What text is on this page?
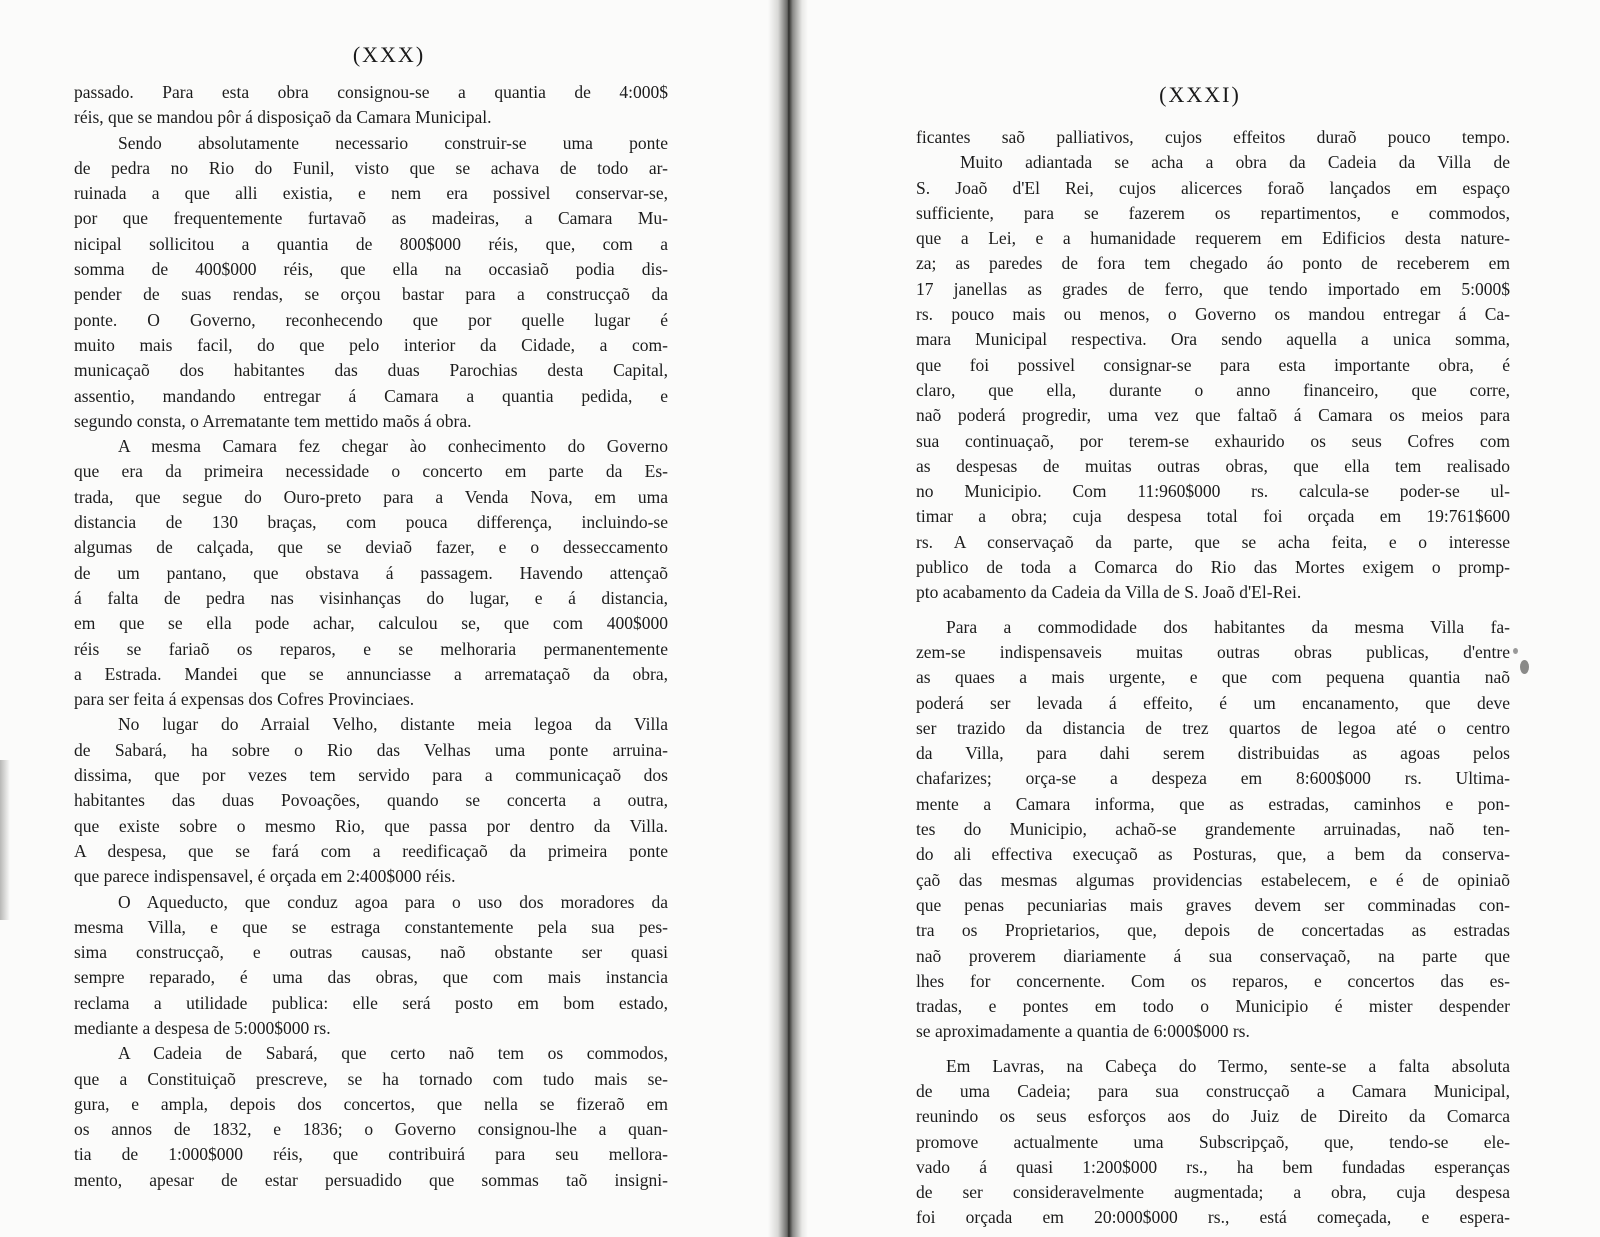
(XXX)
(XXXI)
passado. Para esta obra consignou-se a quantia de 4:000$
réis, que se mandou pôr á disposiçaõ da Camara Municipal.
Sendo absolutamente necessario construir-se uma ponte
de pedra no Rio do Funil, visto que se achava de todo ar-
ruinada a que alli existia, e nem era possivel conservar-se,
por que frequentemente furtavaõ as madeiras, a Camara Mu-
nicipal sollicitou a quantia de 800$000 réis, que, com a
somma de 400$000 réis, que ella na occasiaõ podia dis-
pender de suas rendas, se orçou bastar para a construcçaõ da
ponte. O Governo, reconhecendo que por quelle lugar é
muito mais facil, do que pelo interior da Cidade, a com-
municaçaõ dos habitantes das duas Parochias desta Capital,
assentio, mandando entregar á Camara a quantia pedida, e
segundo consta, o Arrematante tem mettido maõs á obra.
A mesma Camara fez chegar ào conhecimento do Governo
que era da primeira necessidade o concerto em parte da Es-
trada, que segue do Ouro-preto para a Venda Nova, em uma
distancia de 130 braças, com pouca differença, incluindo-se
algumas de calçada, que se deviaõ fazer, e o desseccamento
de um pantano, que obstava á passagem. Havendo attençaõ
á falta de pedra nas visinhanças do lugar, e á distancia,
em que se ella pode achar, calculou se, que com 400$000
réis se fariaõ os reparos, e se melhoraria permanentemente
a Estrada. Mandei que se annunciasse a arremataçaõ da obra,
para ser feita á expensas dos Cofres Provinciaes.
No lugar do Arraial Velho, distante meia legoa da Villa
de Sabará, ha sobre o Rio das Velhas uma ponte arruina-
dissima, que por vezes tem servido para a communicaçaõ dos
habitantes das duas Povoações, quando se concerta a outra,
que existe sobre o mesmo Rio, que passa por dentro da Villa.
A despesa, que se fará com a reedificaçaõ da primeira ponte
que parece indispensavel, é orçada em 2:400$000 réis.
O Aqueducto, que conduz agoa para o uso dos moradores da
mesma Villa, e que se estraga constantemente pela sua pes-
sima construcçaõ, e outras causas, naõ obstante ser quasi
sempre reparado, é uma das obras, que com mais instancia
reclama a utilidade publica: elle será posto em bom estado,
mediante a despesa de 5:000$000 rs.
A Cadeia de Sabará, que certo naõ tem os commodos,
que a Constituiçaõ prescreve, se ha tornado com tudo mais se-
gura, e ampla, depois dos concertos, que nella se fizeraõ em
os annos de 1832, e 1836; o Governo consignou-lhe a quan-
tia de 1:000$000 réis, que contribuirá para seu mellora-
mento, apesar de estar persuadido que sommas taõ insigni-
ficantes saõ palliativos, cujos effeitos duraõ pouco tempo.
Muito adiantada se acha a obra da Cadeia da Villa de
S. Joaõ d'El Rei, cujos alicerces foraõ lançados em espaço
sufficiente, para se fazerem os repartimentos, e commodos,
que a Lei, e a humanidade requerem em Edificios desta nature-
za; as paredes de fora tem chegado áo ponto de receberem em
17 janellas as grades de ferro, que tendo importado em 5:000$
rs. pouco mais ou menos, o Governo os mandou entregar á Ca-
mara Municipal respectiva. Ora sendo aquella a unica somma,
que foi possivel consignar-se para esta importante obra, é
claro, que ella, durante o anno financeiro, que corre,
naõ poderá progredir, uma vez que faltaõ á Camara os meios para
sua continuaçaõ, por terem-se exhaurido os seus Cofres com
as despesas de muitas outras obras, que ella tem realisado
no Municipio. Com 11:960$000 rs. calcula-se poder-se ul-
timar a obra; cuja despesa total foi orçada em 19:761$600
rs. A conservaçaõ da parte, que se acha feita, e o interesse
publico de toda a Comarca do Rio das Mortes exigem o promp-
pto acabamento da Cadeia da Villa de S. Joaõ d'El-Rei.
Para a commodidade dos habitantes da mesma Villa fa-
zem-se indispensaveis muitas outras obras publicas, d'entre
as quaes a mais urgente, e que com pequena quantia naõ
poderá ser levada á effeito, é um encanamento, que deve
ser trazido da distancia de trez quartos de legoa até o centro
da Villa, para dahi serem distribuidas as agoas pelos
chafarizes; orça-se a despeza em 8:600$000 rs. Ultima-
mente a Camara informa, que as estradas, caminhos e pon-
tes do Municipio, achaõ-se grandemente arruinadas, naõ ten-
do ali effectiva execuçaõ as Posturas, que, a bem da conserva-
çaõ das mesmas algumas providencias estabelecem, e é de opiniaõ
que penas pecuniarias mais graves devem ser comminadas con-
tra os Proprietarios, que, depois de concertadas as estradas
naõ proverem diariamente á sua conservaçaõ, na parte que
lhes for concernente. Com os reparos, e concertos das es-
tradas, e pontes em todo o Municipio é mister despender
se aproximadamente a quantia de 6:000$000 rs.
Em Lavras, na Cabeça do Termo, sente-se a falta absoluta
de uma Cadeia; para sua construcçaõ a Camara Municipal,
reunindo os seus esforços aos do Juiz de Direito da Comarca
promove actualmente uma Subscripçaõ, que, tendo-se ele-
vado á quasi 1:200$000 rs., ha bem fundadas esperanças
de ser consideravelmente augmentada; a obra, cuja despesa
foi orçada em 20:000$000 rs., está começada, e espera-
